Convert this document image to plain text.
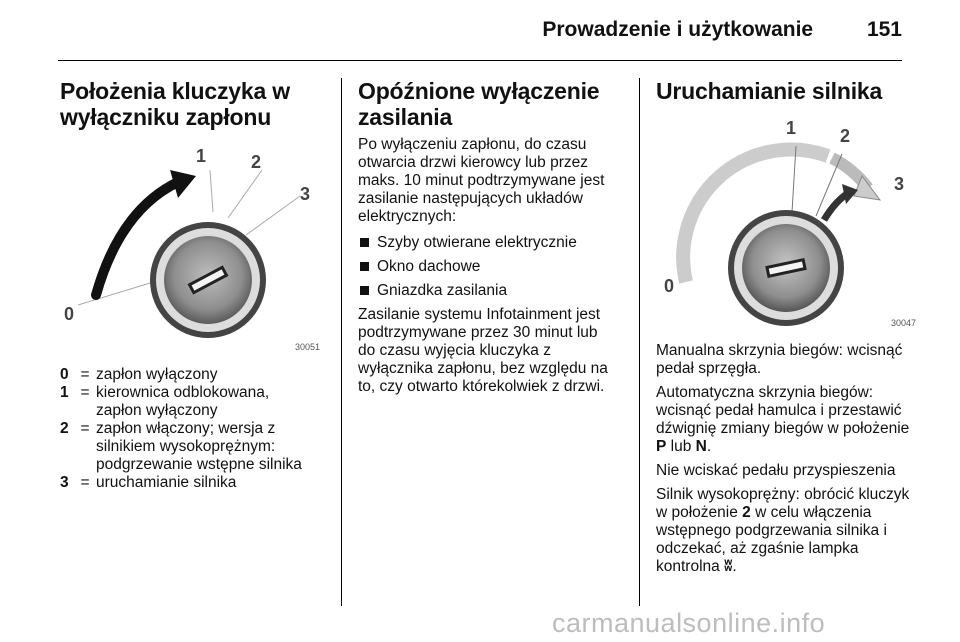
Prowadzenie i użytkowanie	151
Położenia kluczyka w
wyłączniku zapłonu
1 2
3
0
30051
0	=	zapłon wyłączony
1	=	kierownica odblokowana,
zapłon wyłączony
2	=	zapłon włączony; wersja z
silnikiem wysokoprężnym:
podgrzewanie wstępne silnika
3	=	uruchamianie silnika
Opóźnione wyłączenie
zasilania

Po wyłączeniu zapłonu, do czasu
otwarcia drzwi kierowcy lub przez
maks. 10 minut podtrzymywane jest
zasilanie następujących układów
elektrycznych:

Szyby otwierane elektrycznie
Okno dachowe
Gniazdka zasilania

Zasilanie systemu Infotainment jest
podtrzymywane przez 30 minut lub
do czasu wyjęcia kluczyka z
wyłącznika zapłonu, bez względu na
to, czy otwarto którekolwiek z drzwi.

Uruchamianie silnika
1 2
3
0
30047

Manualna skrzynia biegów: wcisnąć
pedał sprzęgła.

Automatyczna skrzynia biegów:
wcisnąć pedał hamulca i przestawić
dźwignię zmiany biegów w położenie
P lub N.

Nie wciskać pedału przyspieszenia

Silnik wysokoprężny: obrócić kluczyk
w położenie 2 w celu włączenia
wstępnego podgrzewania silnika i
odczekać, aż zgaśnie lampka
kontrolna ʬ.

carmanualsonline.info
